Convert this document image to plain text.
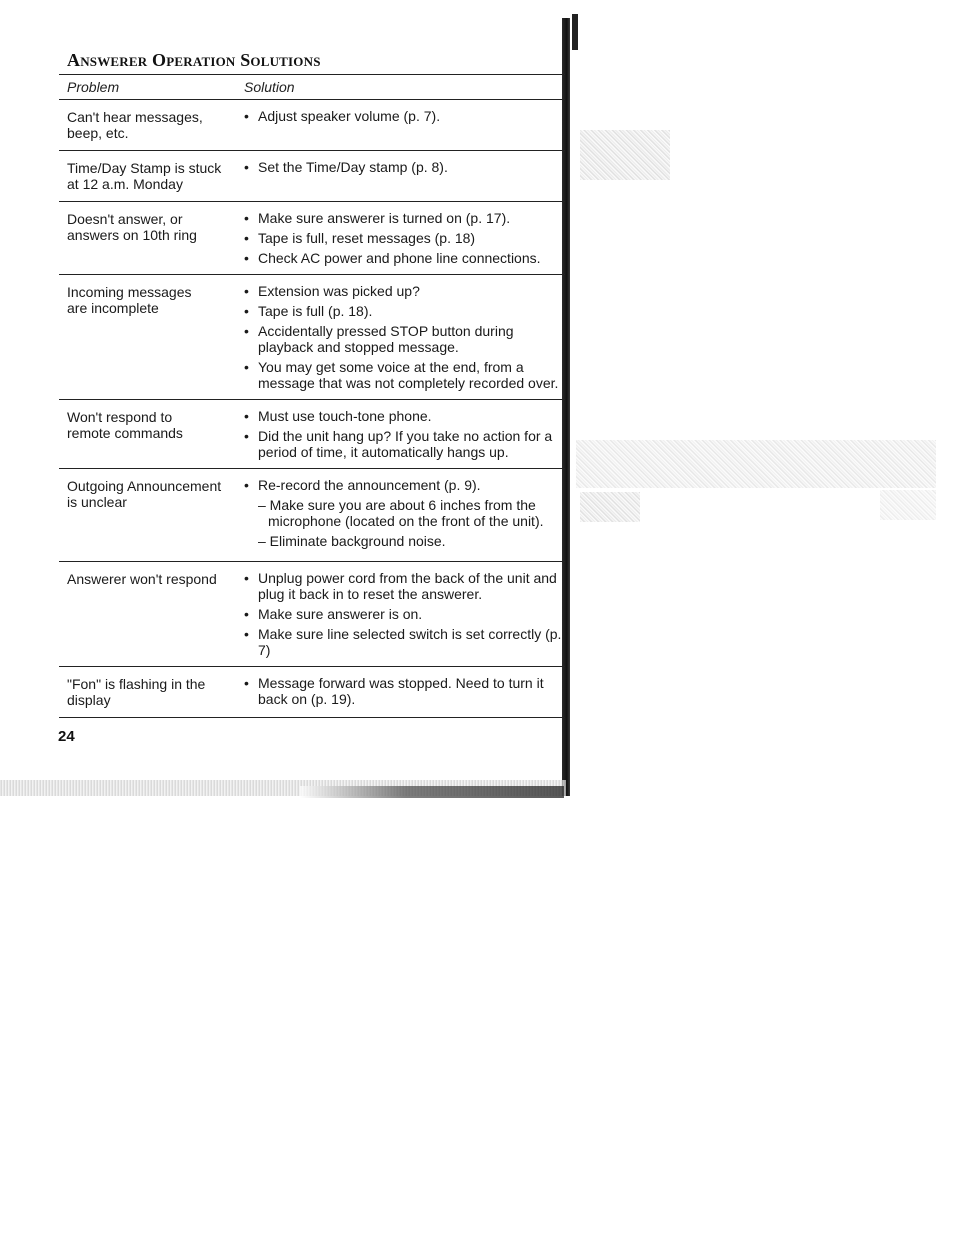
Answerer Operation Solutions
Problem	Solution
Can't hear messages,
beep, etc.
• Adjust speaker volume (p. 7).
Time/Day Stamp is stuck
at 12 a.m. Monday
• Set the Time/Day stamp (p. 8).
Doesn't answer, or
answers on 10th ring
• Make sure answerer is turned on (p. 17).
• Tape is full, reset messages (p. 18)
• Check AC power and phone line connections.
Incoming messages
are incomplete
• Extension was picked up?
• Tape is full (p. 18).
• Accidentally pressed STOP button during playback and stopped message.
• You may get some voice at the end, from a message that was not completely recorded over.
Won't respond to
remote commands
• Must use touch-tone phone.
• Did the unit hang up? If you take no action for a period of time, it automatically hangs up.
Outgoing Announcement
is unclear
• Re-record the announcement (p. 9).
– Make sure you are about 6 inches from the microphone (located on the front of the unit).
– Eliminate background noise.
Answerer won't respond	• Unplug power cord from the back of the unit and plug it back in to reset the answerer.
• Make sure answerer is on.
• Make sure line selected switch is set correctly (p. 7)
"Fon" is flashing in the
display
• Message forward was stopped. Need to turn it back on (p. 19).
24
